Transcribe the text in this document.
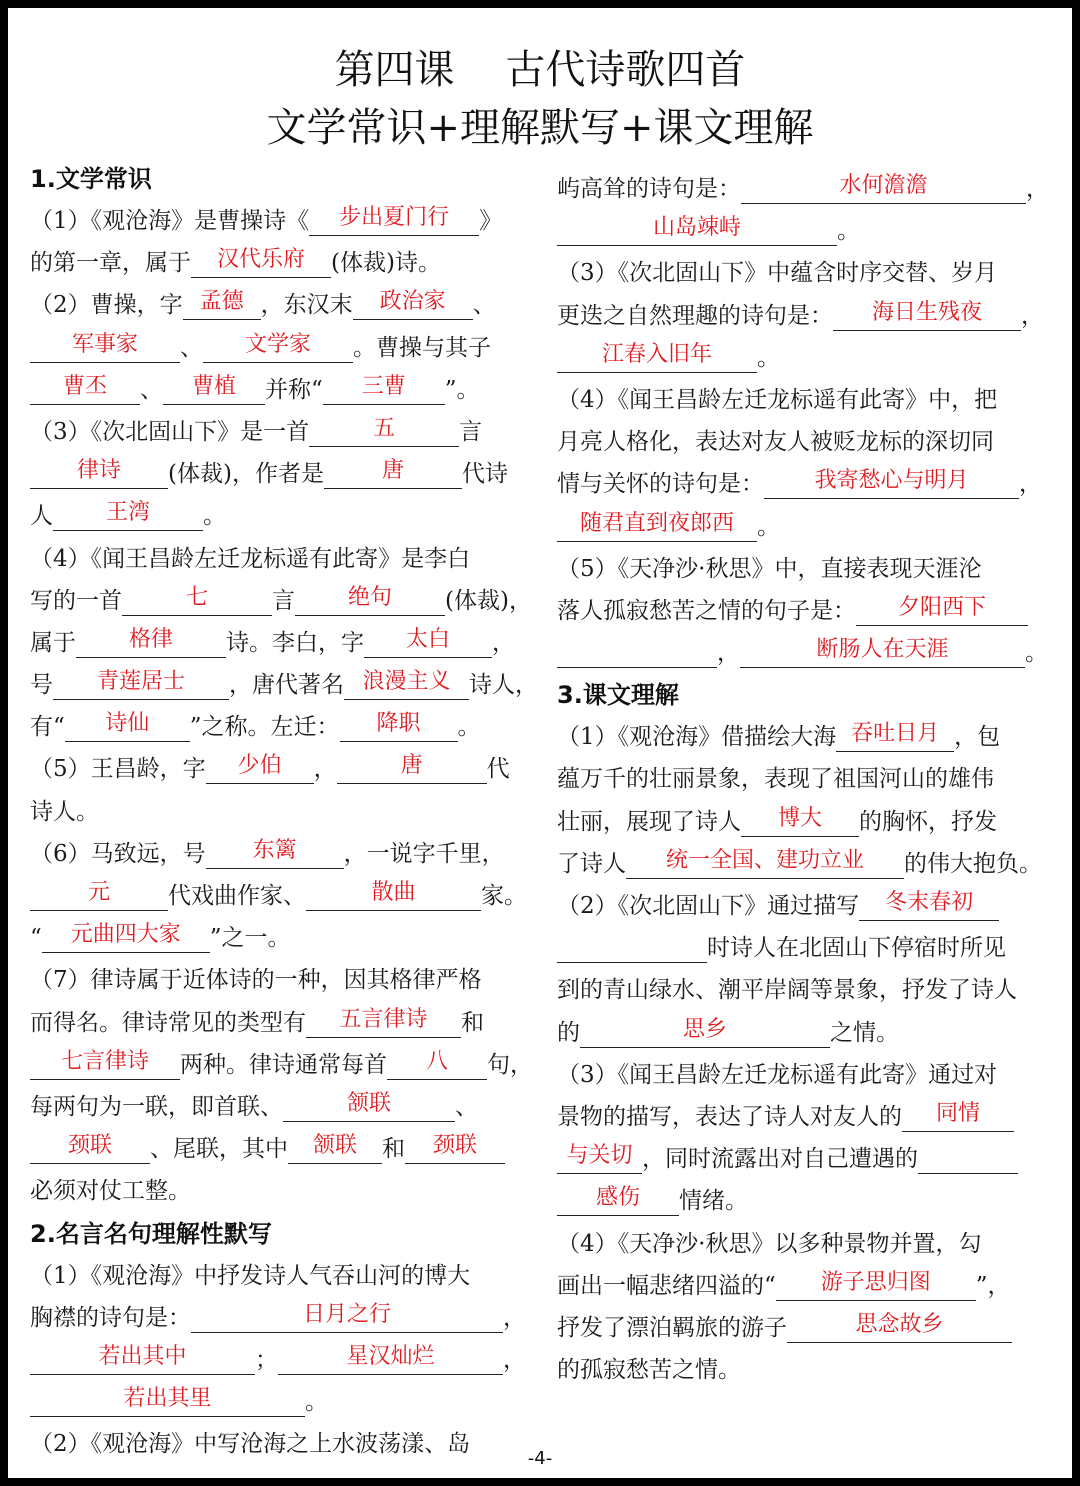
第四课    古代诗歌四首
文学常识+理解默写+课文理解
1.文学常识
（1）《观沧海》是曹操诗《	步出夏门行	》
的第一章，属于	汉代乐府	(体裁)诗。
（2）曹操，字 孟德 ，东汉末	政治家	、
军事家	、	文学家	。曹操与其子
曹丕	、	曹植	并称“	三曹	”。
（3）《次北固山下》是一首	五	言
律诗	(体裁)，作者是	唐	代诗
人	王湾	。
（4）《闻王昌龄左迁龙标遥有此寄》是李白
写的一首	七	言	绝句	(体裁)，
属于	格律	诗。李白，字	太白	，
号	青莲居士	，唐代著名 浪漫主义 诗人，
有“	诗仙	”之称。左迁：	降职	。
（5）王昌龄，字	少伯	，	唐	代
诗人。
（6）马致远，号	东篱	，一说字千里，
元	代戏曲作家、	散曲	家。
“	元曲四大家	”之一。
（7）律诗属于近体诗的一种，因其格律严格
而得名。律诗常见的类型有	五言律诗	和
七言律诗	两种。律诗通常每首	八	句，
每两句为一联，即首联、	颔联	、
颈联	、尾联，其中	颔联	和	颈联
必须对仗工整。
2.名言名句理解性默写
（1）《观沧海》中抒发诗人气吞山河的博大
胸襟的诗句是：	日月之行	，
若出其中	；	星汉灿烂	，
若出其里	。
（2）《观沧海》中写沧海之上水波荡漾、岛
屿高耸的诗句是：	水何澹澹	，
山岛竦峙	。
（3）《次北固山下》中蕴含时序交替、岁月
更迭之自然理趣的诗句是：	海日生残夜	，
江春入旧年	。
（4）《闻王昌龄左迁龙标遥有此寄》中，把
月亮人格化，表达对友人被贬龙标的深切同
情与关怀的诗句是：	我寄愁心与明月	，
随君直到夜郎西	。
（5）《天净沙·秋思》中，直接表现天涯沦
落人孤寂愁苦之情的句子是：	夕阳西下
，	断肠人在天涯	。
3.课文理解
（1）《观沧海》借描绘大海 吞吐日月 ，包
蕴万千的壮丽景象，表现了祖国河山的雄伟
壮丽，展现了诗人	博大	的胸怀，抒发
了诗人	统一全国、建功立业	的伟大抱负。
（2）《次北固山下》通过描写	冬末春初
时诗人在北固山下停宿时所见
到的青山绿水、潮平岸阔等景象，抒发了诗人
的	思乡	之情。
（3）《闻王昌龄左迁龙标遥有此寄》通过对
景物的描写，表达了诗人对友人的	同情
与关切 ，同时流露出对自己遭遇的
感伤	情绪。
（4）《天净沙·秋思》以多种景物并置，勾
画出一幅悲绪四溢的“	游子思归图	”，
抒发了漂泊羁旅的游子	思念故乡
的孤寂愁苦之情。
-4-
